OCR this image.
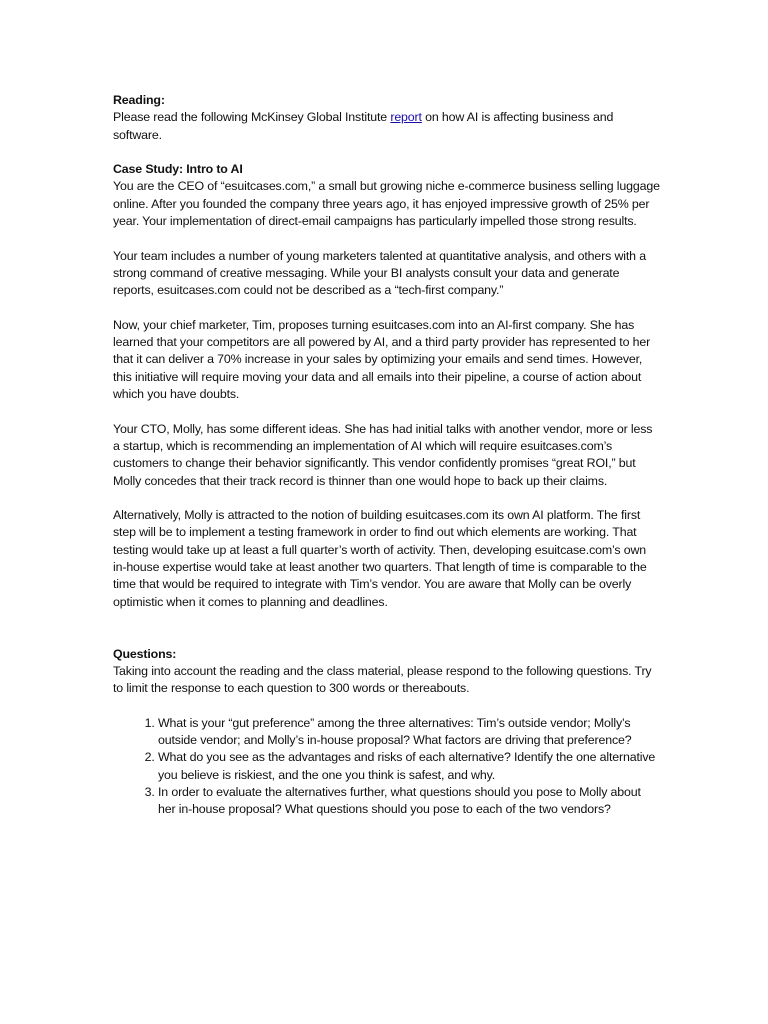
Reading:
Please read the following McKinsey Global Institute report on how AI is affecting business and software.
Case Study: Intro to AI

You are the CEO of “esuitcases.com,” a small but growing niche e-commerce business selling luggage online. After you founded the company three years ago, it has enjoyed impressive growth of 25% per year. Your implementation of direct-email campaigns has particularly impelled those strong results.

Your team includes a number of young marketers talented at quantitative analysis, and others with a strong command of creative messaging. While your BI analysts consult your data and generate reports, esuitcases.com could not be described as a “tech-first company.”

Now, your chief marketer, Tim, proposes turning esuitcases.com into an AI-first company. She has learned that your competitors are all powered by AI, and a third party provider has represented to her that it can deliver a 70% increase in your sales by optimizing your emails and send times. However, this initiative will require moving your data and all emails into their pipeline, a course of action about which you have doubts.

Your CTO, Molly, has some different ideas. She has had initial talks with another vendor, more or less a startup, which is recommending an implementation of AI which will require esuitcases.com’s customers to change their behavior significantly. This vendor confidently promises “great ROI,” but Molly concedes that their track record is thinner than one would hope to back up their claims.

Alternatively, Molly is attracted to the notion of building esuitcases.com its own AI platform. The first step will be to implement a testing framework in order to find out which elements are working. That testing would take up at least a full quarter’s worth of activity. Then, developing esuitcase.com’s own in-house expertise would take at least another two quarters. That length of time is comparable to the time that would be required to integrate with Tim’s vendor. You are aware that Molly can be overly optimistic when it comes to planning and deadlines.

Questions:

Taking into account the reading and the class material, please respond to the following questions. Try to limit the response to each question to 300 words or thereabouts.

1. What is your “gut preference” among the three alternatives: Tim’s outside vendor; Molly’s outside vendor; and Molly’s in-house proposal? What factors are driving that preference?
2. What do you see as the advantages and risks of each alternative? Identify the one alternative you believe is riskiest, and the one you think is safest, and why.
3. In order to evaluate the alternatives further, what questions should you pose to Molly about her in-house proposal? What questions should you pose to each of the two vendors?
